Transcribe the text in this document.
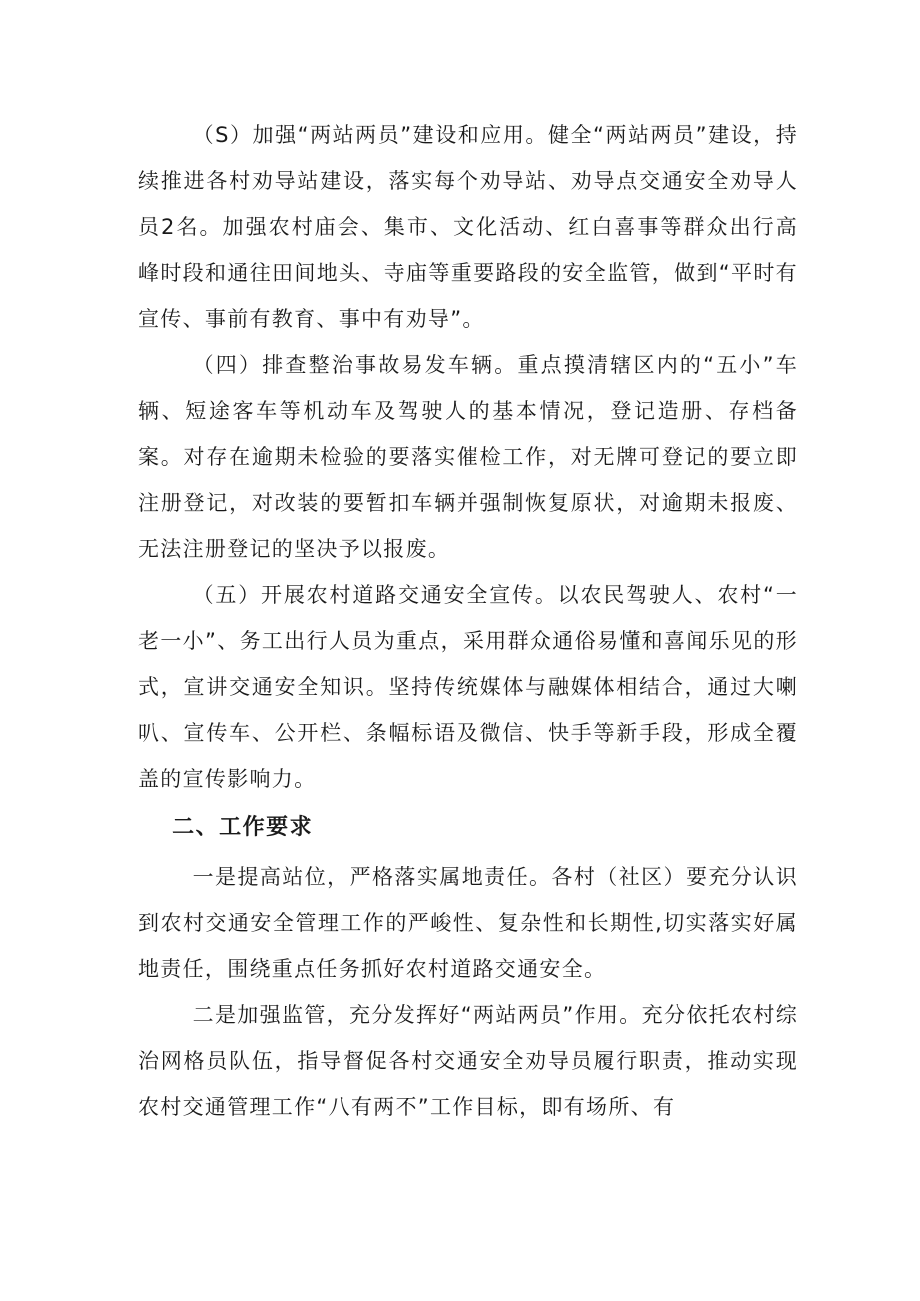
（S）加强“两站两员”建设和应用。健全“两站两员”建设，持续推进各村劝导站建设，落实每个劝导站、劝导点交通安全劝导人员2名。加强农村庙会、集市、文化活动、红白喜事等群众出行高峰时段和通往田间地头、寺庙等重要路段的安全监管，做到“平时有宣传、事前有教育、事中有劝导”。

（四）排查整治事故易发车辆。重点摸清辖区内的“五小”车辆、短途客车等机动车及驾驶人的基本情况，登记造册、存档备案。对存在逾期未检验的要落实催检工作，对无牌可登记的要立即注册登记，对改装的要暂扣车辆并强制恢复原状，对逾期未报废、无法注册登记的坚决予以报废。

（五）开展农村道路交通安全宣传。以农民驾驶人、农村“一老一小”、务工出行人员为重点，采用群众通俗易懂和喜闻乐见的形式，宣讲交通安全知识。坚持传统媒体与融媒体相结合，通过大喇叭、宣传车、公开栏、条幅标语及微信、快手等新手段，形成全覆盖的宣传影响力。

二、工作要求

一是提高站位，严格落实属地责任。各村（社区）要充分认识到农村交通安全管理工作的严峻性、复杂性和长期性,切实落实好属地责任，围绕重点任务抓好农村道路交通安全。

二是加强监管，充分发挥好“两站两员”作用。充分依托农村综治网格员队伍，指导督促各村交通安全劝导员履行职责，推动实现农村交通管理工作“八有两不”工作目标，即有场所、有
